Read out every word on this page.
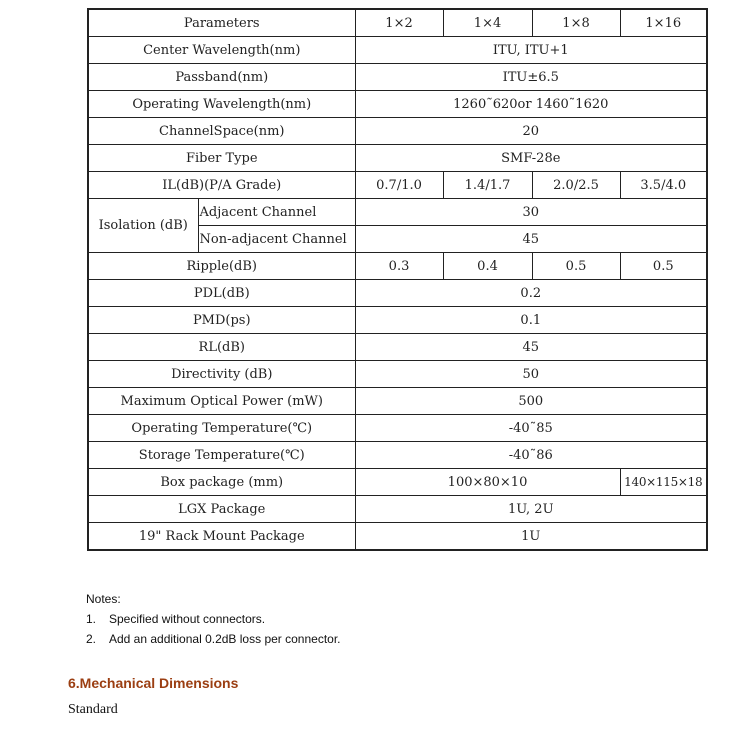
Parameters		1×2	1×4	1×8	1×16
Center Wavelength(nm)		ITU, ITU+1			
Passband(nm)		ITU±6.5			
Operating Wavelength(nm)		1260˜620or 1460˜1620			
ChannelSpace(nm)		20			
Fiber Type		SMF-28e			
IL(dB)(P/A Grade)		0.7/1.0	1.4/1.7	2.0/2.5	3.5/4.0
Isolation (dB)	Adjacent Channel	30			
	Non-adjacent Channel	45			
Ripple(dB)		0.3	0.4	0.5	0.5
PDL(dB)		0.2			
PMD(ps)		0.1			
RL(dB)		45			
Directivity (dB)		50			
Maximum Optical Power (mW)		500			
Operating Temperature(℃)		-40˜85			
Storage Temperature(℃)		-40˜86			
Box package (mm)		100×80×10			140×115×18
LGX Package		1U, 2U			
19" Rack Mount Package		1U			
Notes:
1. Specified without connectors.
2. Add an additional 0.2dB loss per connector.
6.Mechanical Dimensions
Standard
